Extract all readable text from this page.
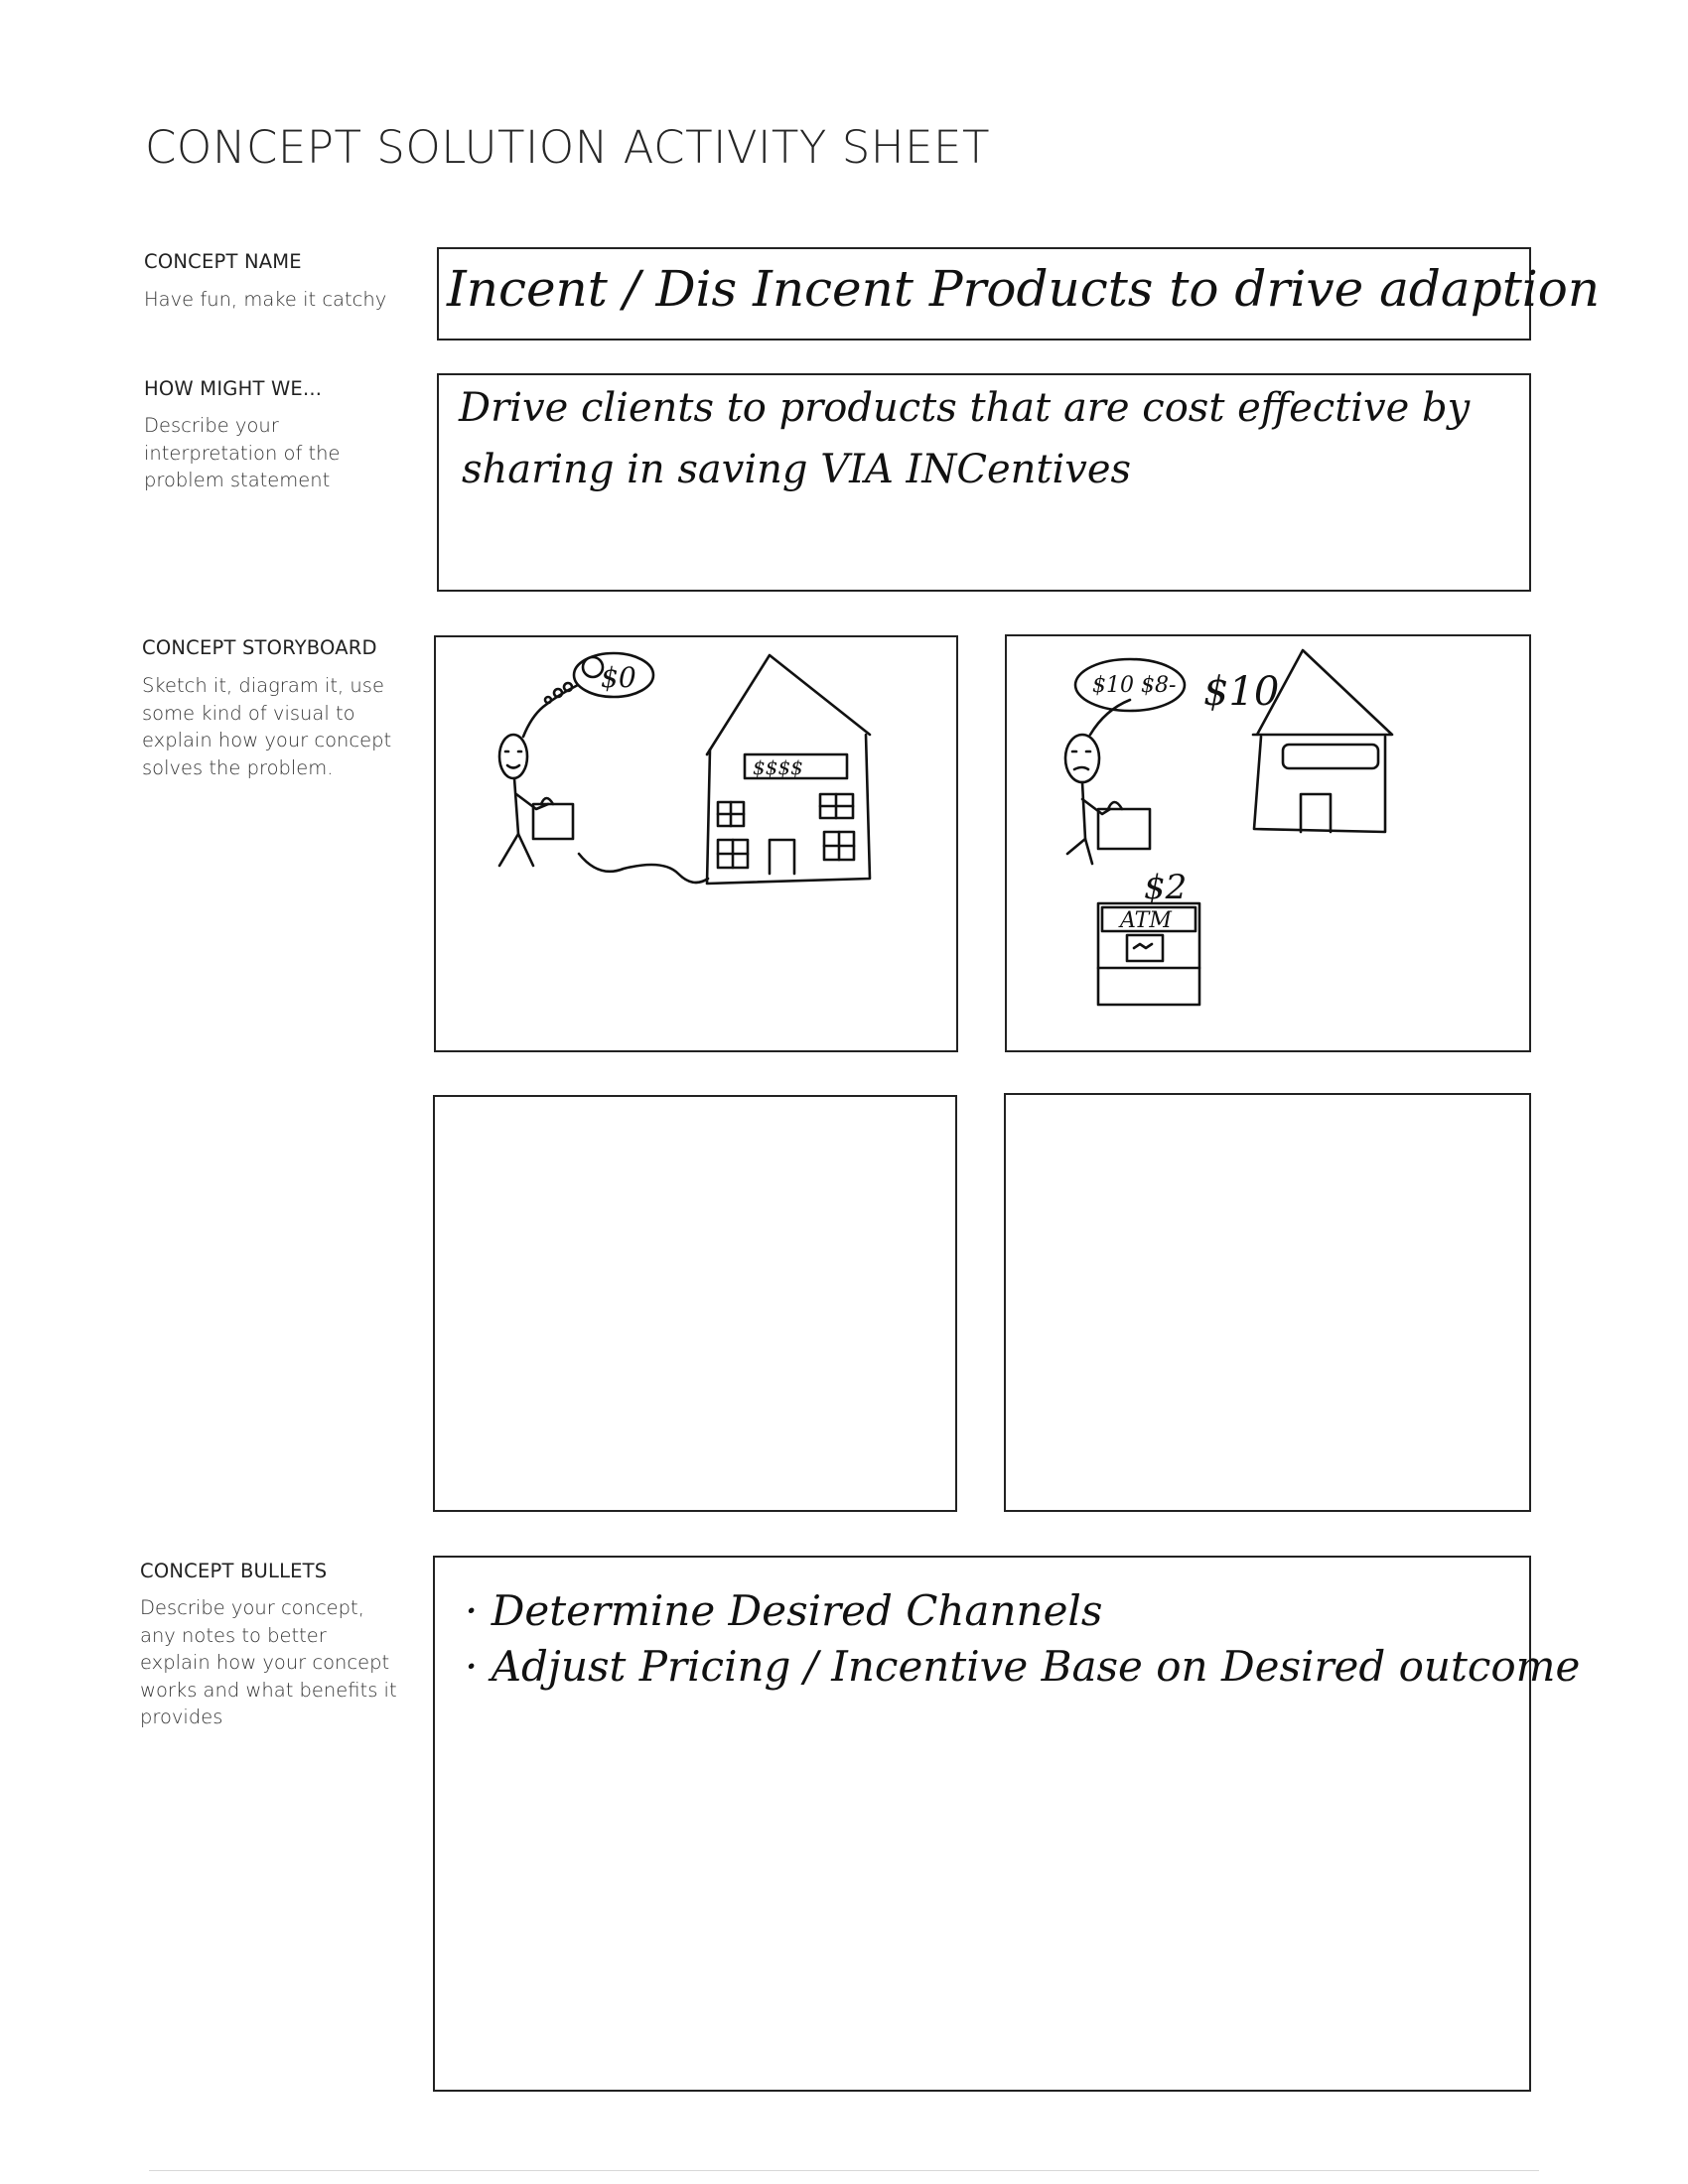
CONCEPT SOLUTION ACTIVITY SHEET
CONCEPT NAME
Have fun, make it catchy Incent / Dis Incent Products to drive adaption
HOW MIGHT WE...
Describe your interpretation of the problem statement
Drive clients to products that are cost effective by
sharing in saving VIA INCentives
CONCEPT STORYBOARD
Sketch it, diagram it, use some kind of visual to explain how your concept solves the problem.
$0
$$$$
$10 $8- $10
$2
ATM
CONCEPT BULLETS
Describe your concept, any notes to better explain how your concept works and what benefits it provides
· Determine Desired Channels
· Adjust Pricing / Incentive Base on Desired outcome
